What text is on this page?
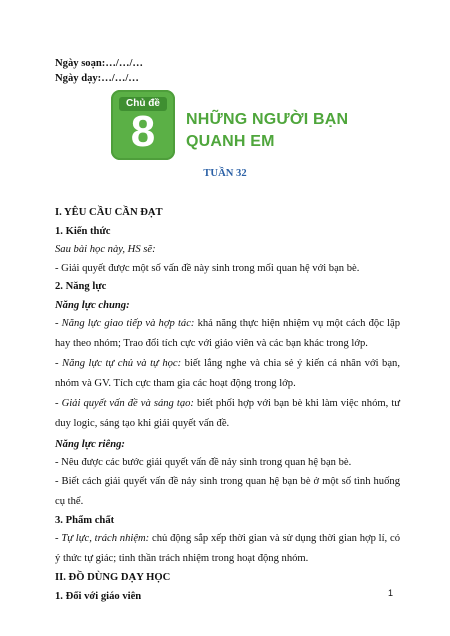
Ngày soạn:…/…/…
Ngày dạy:…/…/…
Chủ đề
8	NHỮNG NGƯỜI BẠN
QUANH EM
TUẦN 32
I. YÊU CẦU CẦN ĐẠT
1. Kiến thức
Sau bài học này, HS sẽ:
- Giải quyết được một số vấn đề này sinh trong mối quan hệ với bạn bè.
2. Năng lực
Năng lực chung:
- Năng lực giao tiếp và hợp tác: khả năng thực hiện nhiệm vụ một cách độc lập hay theo nhóm; Trao đổi tích cực với giáo viên và các bạn khác trong lớp.
- Năng lực tự chủ và tự học: biết lắng nghe và chia sẻ ý kiến cá nhân với bạn, nhóm và GV. Tích cực tham gia các hoạt động trong lớp.
- Giải quyết vấn đề và sáng tạo: biết phối hợp với bạn bè khi làm việc nhóm, tư duy logic, sáng tạo khi giải quyết vấn đề.
Năng lực riêng:
- Nêu được các bước giải quyết vấn đề nảy sinh trong quan hệ bạn bè.
- Biết cách giải quyết vấn đề nảy sinh trong quan hệ bạn bè ở một số tình huống cụ thể.
3. Phẩm chất
- Tự lực, trách nhiệm: chủ động sắp xếp thời gian và sử dụng thời gian hợp lí, có ý thức tự giác; tinh thần trách nhiệm trong hoạt động nhóm.
II. ĐỒ DÙNG DẠY HỌC
1. Đối với giáo viên	1
